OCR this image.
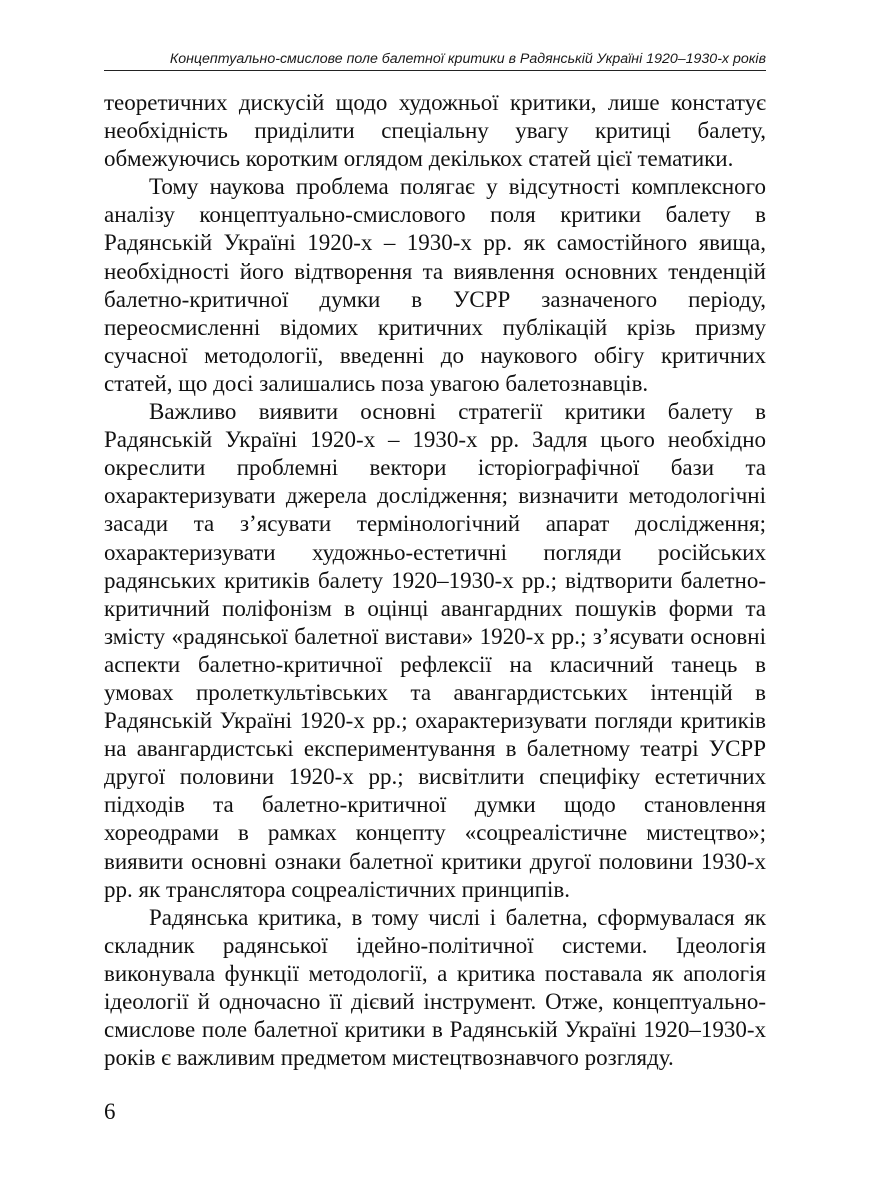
Концептуально-смислове поле балетної критики в Радянській Україні 1920–1930-х років

теоретичних дискусій щодо художньої критики, лише констатує необхідність приділити спеціальну увагу критиці балету, обмежуючись коротким оглядом декількох статей цієї тематики.

Тому наукова проблема полягає у відсутності комплексного аналізу концептуально-смислового поля критики балету в Радянській Україні 1920-х – 1930-х рр. як самостійного явища, необхідності його відтворення та виявлення основних тенденцій балетно-критичної думки в УСРР зазначеного періоду, переосмисленні відомих критичних публікацій крізь призму сучасної методології, введенні до наукового обігу критичних статей, що досі залишались поза увагою балетознавців.

Важливо виявити основні стратегії критики балету в Радянській Україні 1920-х – 1930-х рр. Задля цього необхідно окреслити проблемні вектори історіографічної бази та охарактеризувати джерела дослідження; визначити методологічні засади та з’ясувати термінологічний апарат дослідження; охарактеризувати художньо-естетичні погляди російських радянських критиків балету 1920–1930-х рр.; відтворити балетно-критичний поліфонізм в оцінці авангардних пошуків форми та змісту «радянської балетної вистави» 1920-х рр.; з’ясувати основні аспекти балетно-критичної рефлексії на класичний танець в умовах пролеткультівських та авангардистських інтенцій в Радянській Україні 1920-х рр.; охарактеризувати погляди критиків на авангардистські експериментування в балетному театрі УСРР другої половини 1920-х рр.; висвітлити специфіку естетичних підходів та балетно-критичної думки щодо становлення хореодрами в рамках концепту «соцреалістичне мистецтво»; виявити основні ознаки балетної критики другої половини 1930-х рр. як транслятора соцреалістичних принципів.

Радянська критика, в тому числі і балетна, сформувалася як складник радянської ідейно-політичної системи. Ідеологія виконувала функції методології, а критика поставала як апологія ідеології й одночасно її дієвий інструмент. Отже, концептуально-смислове поле балетної критики в Радянській Україні 1920–1930-х років є важливим предметом мистецтвознавчого розгляду.

6
